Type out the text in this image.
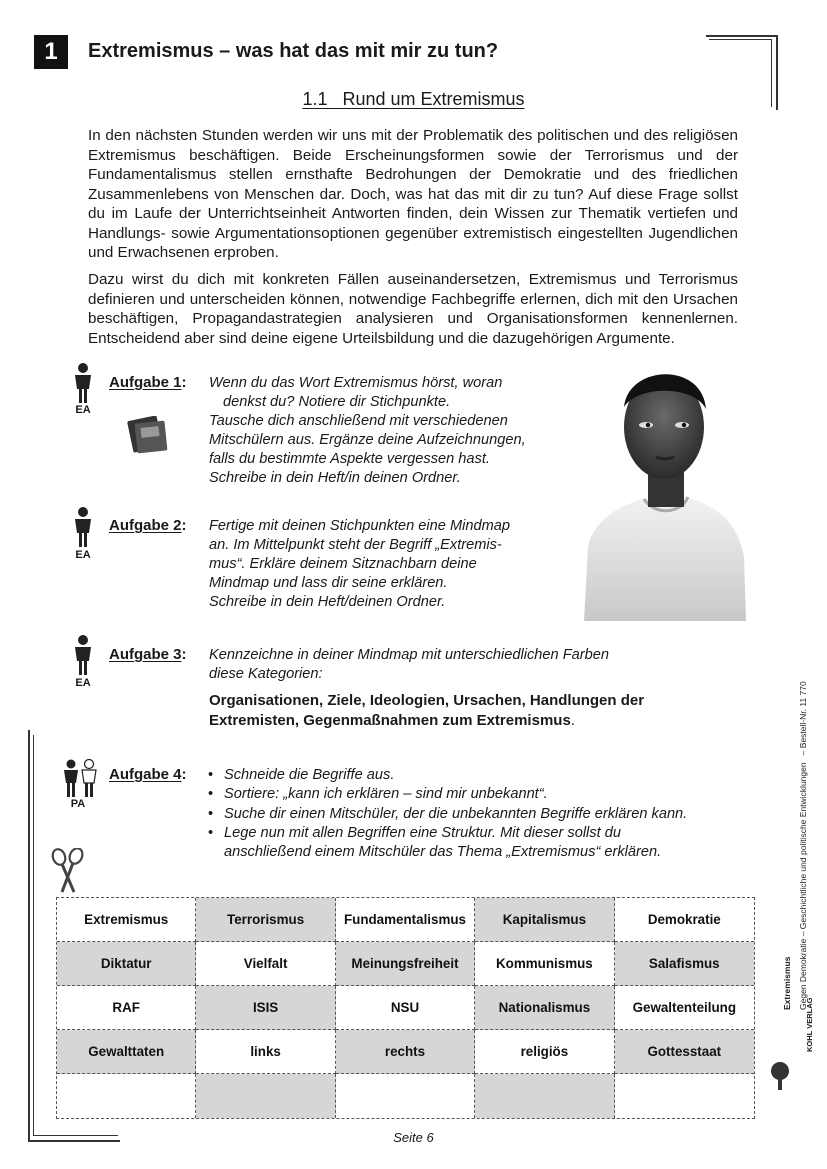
1	Extremismus – was hat das mit mir zu tun?
1.1   Rund um Extremismus
In den nächsten Stunden werden wir uns mit der Problematik des politischen und des religiösen Extremismus beschäftigen. Beide Erscheinungsformen sowie der Terrorismus und der Fundamentalismus stellen ernsthafte Bedrohungen der Demokratie und des friedlichen Zusammenlebens von Menschen dar. Doch, was hat das mit dir zu tun? Auf diese Frage sollst du im Laufe der Unterrichtseinheit Antworten finden, dein Wissen zur Thematik vertiefen und Handlungs- sowie Argumentationsoptionen gegenüber extremistisch eingestellten Jugendlichen und Erwachsenen erproben.
Dazu wirst du dich mit konkreten Fällen auseinandersetzen, Extremismus und Terrorismus definieren und unterscheiden können, notwendige Fachbegriffe erlernen, dich mit den Ursachen beschäftigen, Propagandastrategien analysieren und Organisationsformen kennenlernen. Entscheidend aber sind deine eigene Urteilsbildung und die dazugehörigen Argumente.
EA
Aufgabe 1: Wenn du das Wort Extremismus hörst, woran
denkst du? Notiere dir Stichpunkte.
Tausche dich anschließend mit verschiedenen
Mitschülern aus. Ergänze deine Aufzeichnungen,
falls du bestimmte Aspekte vergessen hast.
Schreibe in dein Heft/in deinen Ordner.
EA
Aufgabe 2: Fertige mit deinen Stichpunkten eine Mindmap
an. Im Mittelpunkt steht der Begriff „Extremis-
mus“. Erkläre deinem Sitznachbarn deine
Mindmap und lass dir seine erklären.
Schreibe in dein Heft/deinen Ordner.
EA
Aufgabe 3: Kennzeichne in deiner Mindmap mit unterschiedlichen Farben
diese Kategorien:
Organisationen, Ziele, Ideologien, Ursachen, Handlungen der
Extremisten, Gegenmaßnahmen zum Extremismus.
PA
Aufgabe 4:
•	Schneide die Begriffe aus.
• Sortiere: „kann ich erklären – sind mir unbekannt“.
• Suche dir einen Mitschüler, der die unbekannten Begriffe erklären kann.
• Lege nun mit allen Begriffen eine Struktur. Mit dieser sollst du
anschließend einem Mitschüler das Thema „Extremismus“ erklären.
Extremismus	Terrorismus	Fundamentalismus	Kapitalismus	Demokratie
Diktatur	Vielfalt	Meinungsfreiheit	Kommunismus	Salafismus
RAF	ISIS	NSU	Nationalismus	Gewaltenteilung
Gewalttaten	links	rechts	religiös	Gottesstaat
Extremismus Gegen Demokratie – Geschichtliche und politische Entwicklungen   – Bestell-Nr. 11 770
KOHL VERLAG
Seite 6
